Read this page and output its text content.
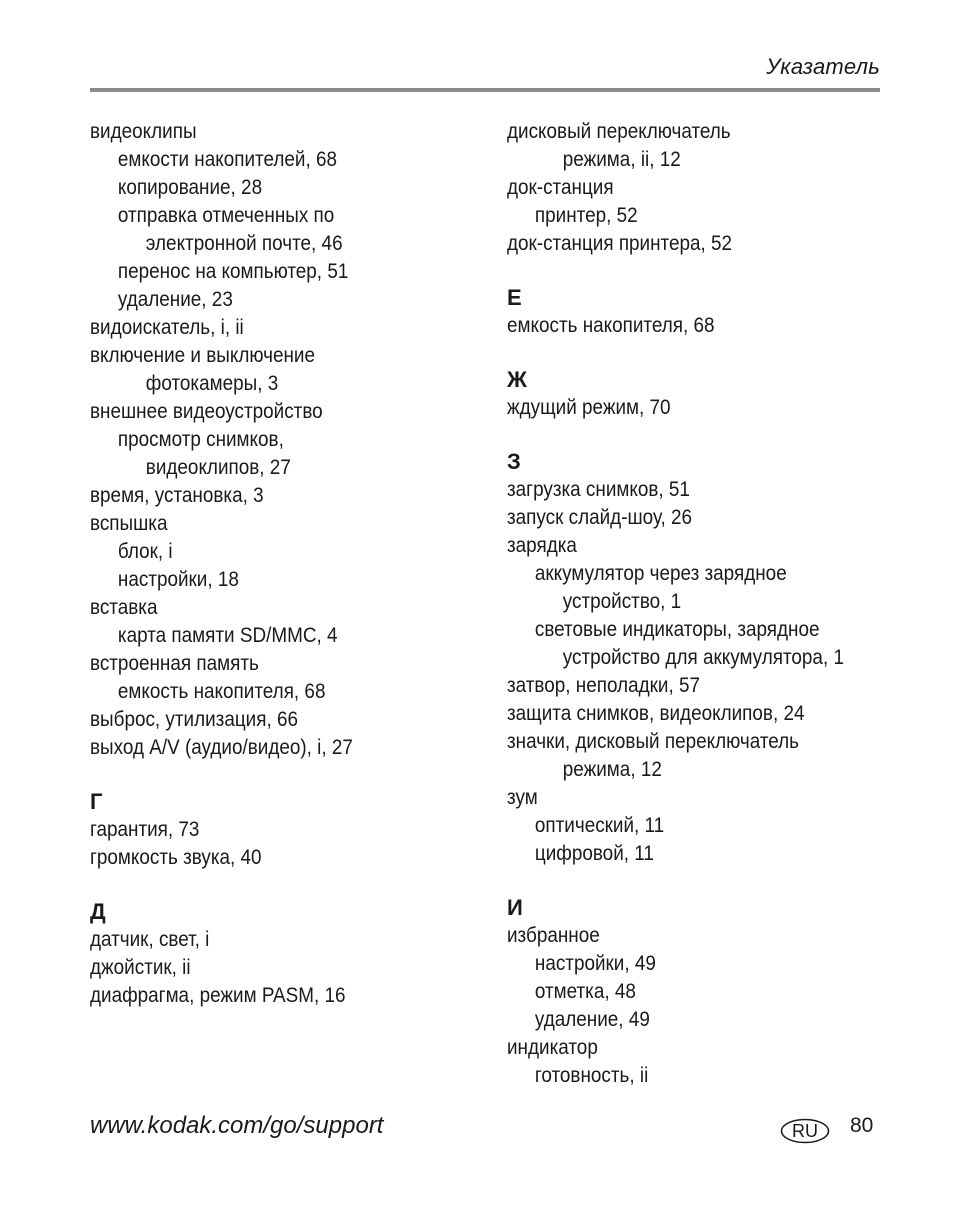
Указатель
видеоклипы
емкости накопителей, 68
копирование, 28
отправка отмеченных по
электронной почте, 46
перенос на компьютер, 51
удаление, 23
видоискатель, i, ii
включение и выключение
фотокамеры, 3
внешнее видеоустройство
просмотр снимков,
видеоклипов, 27
время, установка, 3
вспышка
блок, i
настройки, 18
вставка
карта памяти SD/MMC, 4
встроенная память
емкость накопителя, 68
выброс, утилизация, 66
выход A/V (аудио/видео), i, 27
Г
гарантия, 73
громкость звука, 40
Д
датчик, свет, i
джойстик, ii
диафрагма, режим PASM, 16
дисковый переключатель
режима, ii, 12
док-станция
принтер, 52
док-станция принтера, 52
Е
емкость накопителя, 68
Ж
ждущий режим, 70
З
загрузка снимков, 51
запуск слайд-шоу, 26
зарядка
аккумулятор через зарядное
устройство, 1
световые индикаторы, зарядное
устройство для аккумулятора, 1
затвор, неполадки, 57
защита снимков, видеоклипов, 24
значки, дисковый переключатель
режима, 12
зум
оптический, 11
цифровой, 11
И
избранное
настройки, 49
отметка, 48
удаление, 49
индикатор
готовность, ii
www.kodak.com/go/support	RU 80
